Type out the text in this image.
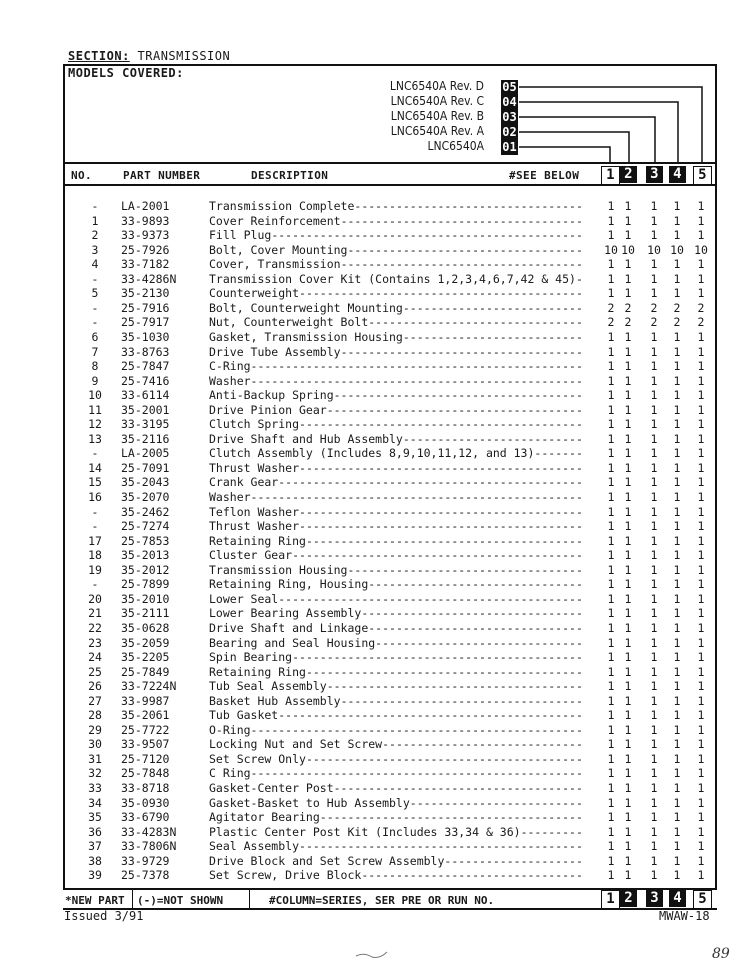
SECTION: TRANSMISSION
MODELS COVERED:
LNC6540A Rev. D 05
LNC6540A Rev. C 04
LNC6540A Rev. B 03
LNC6540A Rev. A 02
LNC6540A 01
NO.	PART NUMBER	DESCRIPTION	#SEE BELOW	1 2 3 4	5
-	LA-2001	Transmission Complete---------------------------------	1 1	1	1	1
1	33-9893	Cover Reinforcement-----------------------------------	1 1	1	1	1
2	33-9373	Fill Plug---------------------------------------------	1 1	1	1	1
3	25-7926	Bolt, Cover Mounting----------------------------------	10 10 10 10 10
4	33-7182	Cover, Transmission-----------------------------------	1 1	1	1	1
-	33-4286N	Transmission Cover Kit (Contains 1,2,3,4,6,7,42 & 45)-	1 1	1	1	1
5	35-2130	Counterweight-----------------------------------------	1 1	1	1	1
-	25-7916	Bolt, Counterweight Mounting--------------------------	2 2	2	2	2
-	25-7917	Nut, Counterweight Bolt-------------------------------	2 2	2	2	2
6	35-1030	Gasket, Transmission Housing--------------------------	1 1	1	1	1
7	33-8763	Drive Tube Assembly-----------------------------------	1 1	1	1	1
8	25-7847	C-Ring------------------------------------------------	1 1	1	1	1
9	25-7416	Washer------------------------------------------------	1 1	1	1	1
10	33-6114	Anti-Backup Spring------------------------------------	1 1	1	1	1
11	35-2001	Drive Pinion Gear-------------------------------------	1 1	1	1	1
12	33-3195	Clutch Spring-----------------------------------------	1 1	1	1	1
13	35-2116	Drive Shaft and Hub Assembly--------------------------	1 1	1	1	1
-	LA-2005	Clutch Assembly (Includes 8,9,10,11,12, and 13)-------	1 1	1	1	1
14	25-7091	Thrust Washer-----------------------------------------	1 1	1	1	1
15	35-2043	Crank Gear--------------------------------------------	1 1	1	1	1
16	35-2070	Washer------------------------------------------------	1 1	1	1	1
-	35-2462	Teflon Washer-----------------------------------------	1 1	1	1	1
-	25-7274	Thrust Washer-----------------------------------------	1 1	1	1	1
17	25-7853	Retaining Ring----------------------------------------	1 1	1	1	1
18	35-2013	Cluster Gear------------------------------------------	1 1	1	1	1
19	35-2012	Transmission Housing----------------------------------	1 1	1	1	1
-	25-7899	Retaining Ring, Housing-------------------------------	1 1	1	1	1
20	35-2010	Lower Seal--------------------------------------------	1 1	1	1	1
21	35-2111	Lower Bearing Assembly--------------------------------	1 1	1	1	1
22	35-0628	Drive Shaft and Linkage-------------------------------	1 1	1	1	1
23	35-2059	Bearing and Seal Housing------------------------------	1 1	1	1	1
24	35-2205	Spin Bearing------------------------------------------	1 1	1	1	1
25	25-7849	Retaining Ring----------------------------------------	1 1	1	1	1
26	33-7224N	Tub Seal Assembly-------------------------------------	1 1	1	1	1
27	33-9987	Basket Hub Assembly-----------------------------------	1 1	1	1	1
28	35-2061	Tub Gasket--------------------------------------------	1 1	1	1	1
29	25-7722	O-Ring------------------------------------------------	1 1	1	1	1
30	33-9507	Locking Nut and Set Screw-----------------------------	1 1	1	1	1
31	25-7120	Set Screw Only----------------------------------------	1 1	1	1	1
32	25-7848	C Ring------------------------------------------------	1 1	1	1	1
33	33-8718	Gasket-Center Post------------------------------------	1 1	1	1	1
34	35-0930	Gasket-Basket to Hub Assembly-------------------------	1 1	1	1	1
35	33-6790	Agitator Bearing--------------------------------------	1 1	1	1	1
36	33-4283N	Plastic Center Post Kit (Includes 33,34 & 36)---------	1 1	1	1	1
37	33-7806N	Seal Assembly-----------------------------------------	1 1	1	1	1
38	33-9729	Drive Block and Set Screw Assembly--------------------	1 1	1	1	1
39	25-7378	Set Screw, Drive Block--------------------------------	1 1	1	1	1
*NEW PART (-)=NOT SHOWN	#COLUMN=SERIES, SER PRE OR RUN NO.	1 2	3	4	5
Issued 3/91	MWAW-18
89
